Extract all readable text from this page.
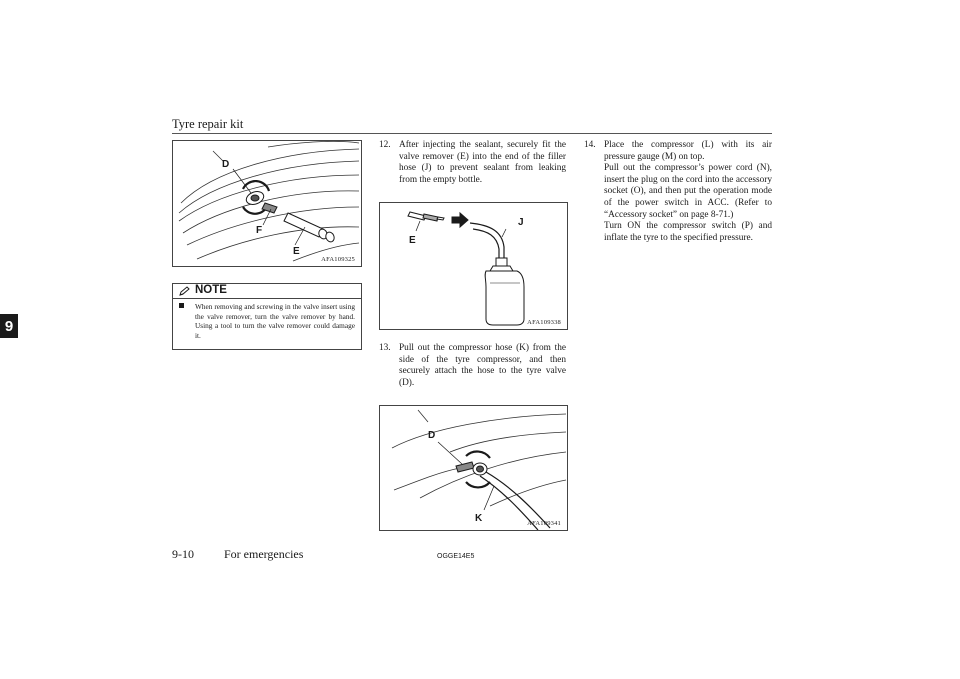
Tyre repair kit
9
D
F
E
AFA109325
NOTE
When removing and screwing in the valve insert using the valve remover, turn the valve remover by hand. Using a tool to turn the valve remover could damage it.
12. After injecting the sealant, securely fit the valve remover (E) into the end of the filler hose (J) to prevent sealant from leaking from the empty bottle.
E
J
AFA109338
13. Pull out the compressor hose (K) from the side of the tyre compressor, and then securely attach the hose to the tyre valve (D).
D
K	AFA109341
14. Place the compressor (L) with its air pressure gauge (M) on top.

Pull out the compressor’s power cord (N), insert the plug on the cord into the accessory socket (O), and then put the operation mode of the power switch in ACC. (Refer to “Accessory socket” on page 8-71.)

Turn ON the compressor switch (P) and inflate the tyre to the specified pressure.

9-10	For emergencies	OGGE14E5
